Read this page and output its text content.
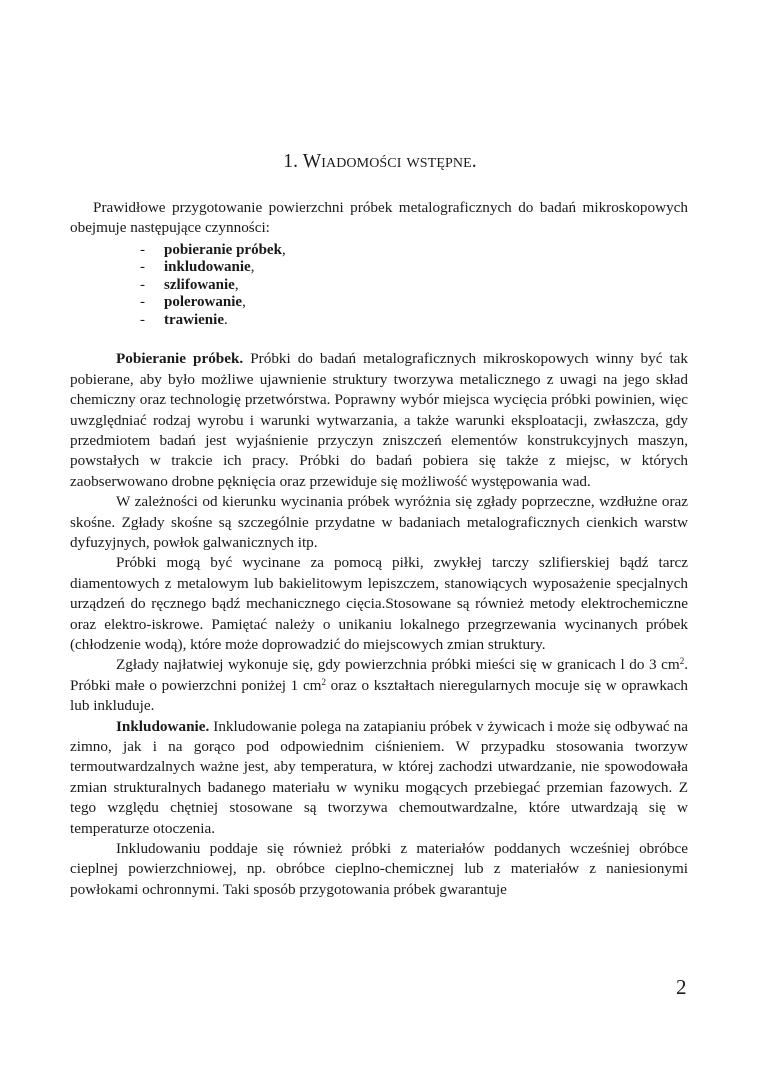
1. Wiadomości wstępne.

Prawidłowe przygotowanie powierzchni próbek metalograficznych do badań mikroskopowych obejmuje następujące czynności:

- pobieranie próbek,
- inkludowanie,
- szlifowanie,
- polerowanie,
- trawienie.

Pobieranie próbek. Próbki do badań metalograficznych mikroskopowych winny być tak pobierane, aby było możliwe ujawnienie struktury tworzywa metalicznego z uwagi na jego skład chemiczny oraz technologię przetwórstwa. Poprawny wybór miejsca wycięcia próbki powinien, więc uwzględniać rodzaj wyrobu i warunki wytwarzania, a także warunki eksploatacji, zwłaszcza, gdy przedmiotem badań jest wyjaśnienie przyczyn zniszczeń elementów konstrukcyjnych maszyn, powstałych w trakcie ich pracy. Próbki do badań pobiera się także z miejsc, w których zaobserwowano drobne pęknięcia oraz przewiduje się możliwość występowania wad.

W zależności od kierunku wycinania próbek wyróżnia się zgłady poprzeczne, wzdłużne oraz skośne. Zgłady skośne są szczególnie przydatne w badaniach metalograficznych cienkich warstw dyfuzyjnych, powłok galwanicznych itp.

Próbki mogą być wycinane za pomocą piłki, zwykłej tarczy szlifierskiej bądź tarcz diamentowych z metalowym lub bakielitowym lepiszczem, stanowiących wyposażenie specjalnych urządzeń do ręcznego bądź mechanicznego cięcia.Stosowane są również metody elektrochemiczne oraz elektro-iskrowe. Pamiętać należy o unikaniu lokalnego przegrzewania wycinanych próbek (chłodzenie wodą), które może doprowadzić do miejscowych zmian struktury.

Zgłady najłatwiej wykonuje się, gdy powierzchnia próbki mieści się w granicach l do 3 $cm^2$. Próbki małe o powierzchni poniżej 1 $cm^2$ oraz o kształtach nieregularnych mocuje się w oprawkach lub inkluduje.

Inkludowanie. Inkludowanie polega na zatapianiu próbek v żywicach i może się odbywać na zimno, jak i na gorąco pod odpowiednim ciśnieniem. W przypadku stosowania tworzyw termoutwardzalnych ważne jest, aby temperatura, w której zachodzi utwardzanie, nie spowodowała zmian strukturalnych badanego materiału w wyniku mogących przebiegać przemian fazowych. Z tego względu chętniej stosowane są tworzywa chemoutwardzalne, które utwardzają się w temperaturze otoczenia.

Inkludowaniu poddaje się również próbki z materiałów poddanych wcześniej obróbce cieplnej powierzchniowej, np. obróbce cieplno-chemicznej lub z materiałów z naniesionymi powłokami ochronnymi. Taki sposób przygotowania próbek gwarantuje

2
